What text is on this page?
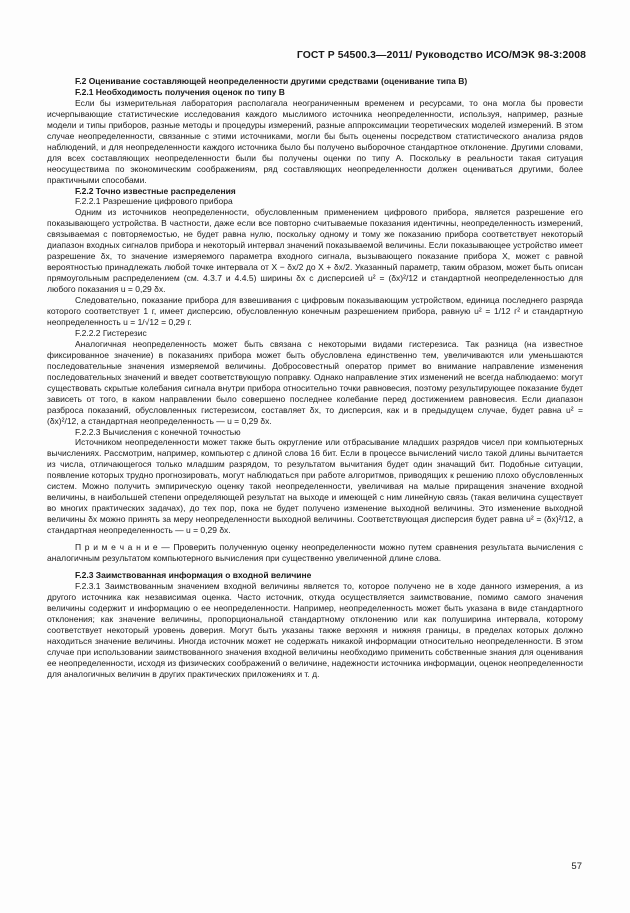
ГОСТ Р 54500.3—2011/ Руководство ИСО/МЭК 98-3:2008

F.2 Оценивание составляющей неопределенности другими средствами (оценивание типа B)

F.2.1 Необходимость получения оценок по типу B

Если бы измерительная лаборатория располагала неограниченным временем и ресурсами, то она могла бы провести исчерпывающие статистические исследования каждого мыслимого источника неопределенности, используя, например, разные модели и типы приборов, разные методы и процедуры измерений, разные аппроксимации теоретических моделей измерений. В этом случае неопределенности, связанные с этими источниками, могли бы быть оценены посредством статистического анализа рядов наблюдений, и для неопределенности каждого источника было бы получено выборочное стандартное отклонение. Другими словами, для всех составляющих неопределенности были бы получены оценки по типу A. Поскольку в реальности такая ситуация неосуществима по экономическим соображениям, ряд составляющих неопределенности должен оцениваться другими, более практичными способами.

F.2.2 Точно известные распределения

F.2.2.1 Разрешение цифрового прибора

Одним из источников неопределенности, обусловленным применением цифрового прибора, является разрешение его показывающего устройства. В частности, даже если все повторно считываемые показания идентичны, неопределенность измерений, связываемая с повторяемостью, не будет равна нулю, поскольку одному и тому же показанию прибора соответствует некоторый диапазон входных сигналов прибора и некоторый интервал значений показываемой величины. Если показывающее устройство имеет разрешение δx, то значение измеряемого параметра входного сигнала, вызывающего показание прибора X, может с равной вероятностью принадлежать любой точке интервала от X − δx/2 до X + δx/2. Указанный параметр, таким образом, может быть описан прямоугольным распределением (см. 4.3.7 и 4.4.5) ширины δx с дисперсией u² = (δx)²/12 и стандартной неопределенностью для любого показания u = 0,29 δx.

Следовательно, показание прибора для взвешивания с цифровым показывающим устройством, единица последнего разряда которого соответствует 1 г, имеет дисперсию, обусловленную конечным разрешением прибора, равную u² = 1/12 г² и стандартную неопределенность u = 1/√12 = 0,29 г.

F.2.2.2 Гистерезис

Аналогичная неопределенность может быть связана с некоторыми видами гистерезиса. Так разница (на известное фиксированное значение) в показаниях прибора может быть обусловлена единственно тем, увеличиваются или уменьшаются последовательные значения измеряемой величины. Добросовестный оператор примет во внимание направление изменения последовательных значений и введет соответствующую поправку. Однако направление этих изменений не всегда наблюдаемо: могут существовать скрытые колебания сигнала внутри прибора относительно точки равновесия, поэтому результирующее показание будет зависеть от того, в каком направлении было совершено последнее колебание перед достижением равновесия. Если диапазон разброса показаний, обусловленных гистерезисом, составляет δx, то дисперсия, как и в предыдущем случае, будет равна u² = (δx)²/12, а стандартная неопределенность — u = 0,29 δx.

F.2.2.3 Вычисления с конечной точностью

Источником неопределенности может также быть округление или отбрасывание младших разрядов чисел при компьютерных вычислениях. Рассмотрим, например, компьютер с длиной слова 16 бит. Если в процессе вычислений число такой длины вычитается из числа, отличающегося только младшим разрядом, то результатом вычитания будет один значащий бит. Подобные ситуации, появление которых трудно прогнозировать, могут наблюдаться при работе алгоритмов, приводящих к решению плохо обусловленных систем. Можно получить эмпирическую оценку такой неопределенности, увеличивая на малые приращения значение входной величины, в наибольшей степени определяющей результат на выходе и имеющей с ним линейную связь (такая величина существует во многих практических задачах), до тех пор, пока не будет получено изменение выходной величины. Это изменение выходной величины δx можно принять за меру неопределенности выходной величины. Соответствующая дисперсия будет равна u² = (δx)²/12, а стандартная неопределенность — u = 0,29 δx.

П р и м е ч а н и е — Проверить полученную оценку неопределенности можно путем сравнения результата вычисления с аналогичным результатом компьютерного вычисления при существенно увеличенной длине слова.

F.2.3 Заимствованная информация о входной величине

F.2.3.1 Заимствованным значением входной величины является то, которое получено не в ходе данного измерения, а из другого источника как независимая оценка. Часто источник, откуда осуществляется заимствование, помимо самого значения величины содержит и информацию о ее неопределенности. Например, неопределенность может быть указана в виде стандартного отклонения; как значение величины, пропорциональной стандартному отклонению или как полуширина интервала, которому соответствует некоторый уровень доверия. Могут быть указаны также верхняя и нижняя границы, в пределах которых должно находиться значение величины. Иногда источник может не содержать никакой информации относительно неопределенности. В этом случае при использовании заимствованного значения входной величины необходимо применить собственные знания для оценивания ее неопределенности, исходя из физических соображений о величине, надежности источника информации, оценок неопределенности для аналогичных величин в других практических приложениях и т. д.

57
